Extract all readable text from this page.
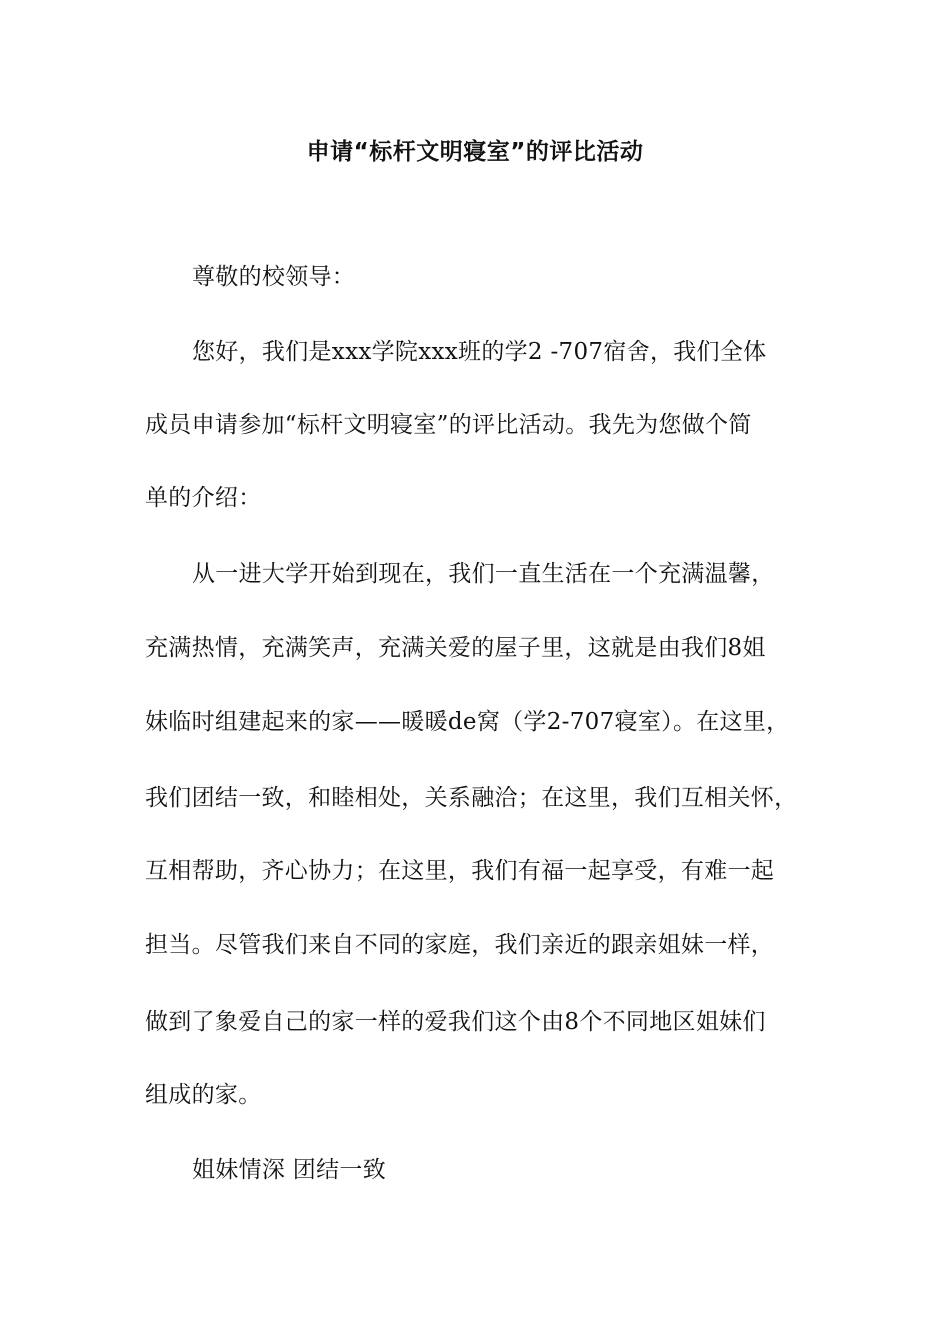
申请“标杆文明寝室”的评比活动
尊敬的校领导：
您好，我们是xxx学院xxx班的学2 -707宿舍，我们全体
成员申请参加“标杆文明寝室”的评比活动。我先为您做个简
单的介绍：
从一进大学开始到现在，我们一直生活在一个充满温馨，
充满热情，充满笑声，充满关爱的屋子里，这就是由我们8姐
妹临时组建起来的家——暖暖de窝（学2-707寝室）。在这里，
我们团结一致，和睦相处，关系融洽；在这里，我们互相关怀，
互相帮助，齐心协力；在这里，我们有福一起享受，有难一起
担当。尽管我们来自不同的家庭，我们亲近的跟亲姐妹一样，
做到了象爱自己的家一样的爱我们这个由8个不同地区姐妹们
组成的家。
姐妹情深 团结一致
